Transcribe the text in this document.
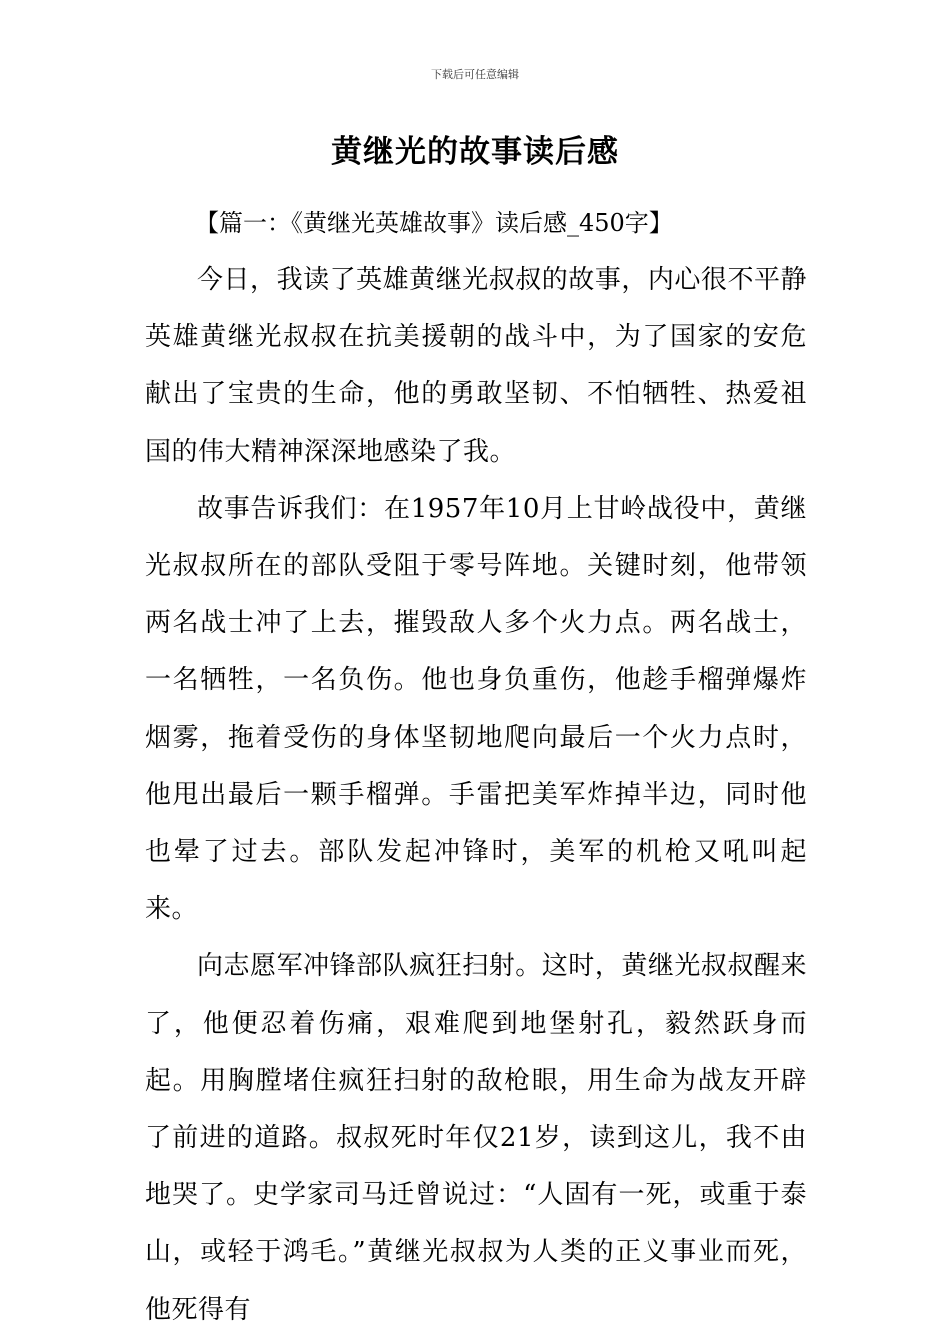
下载后可任意编辑
黄继光的故事读后感
【篇一：《黄继光英雄故事》读后感_450字】

今日，我读了英雄黄继光叔叔的故事，内心很不平静英雄黄继光叔叔在抗美援朝的战斗中，为了国家的安危献出了宝贵的生命，他的勇敢坚韧、不怕牺牲、热爱祖国的伟大精神深深地感染了我。

故事告诉我们：在1957年10月上甘岭战役中，黄继光叔叔所在的部队受阻于零号阵地。关键时刻，他带领两名战士冲了上去，摧毁敌人多个火力点。两名战士，一名牺牲，一名负伤。他也身负重伤，他趁手榴弹爆炸烟雾，拖着受伤的身体坚韧地爬向最后一个火力点时，他甩出最后一颗手榴弹。手雷把美军炸掉半边，同时他也晕了过去。部队发起冲锋时，美军的机枪又吼叫起来。

向志愿军冲锋部队疯狂扫射。这时，黄继光叔叔醒来了，他便忍着伤痛，艰难爬到地堡射孔，毅然跃身而起。用胸膛堵住疯狂扫射的敌枪眼，用生命为战友开辟了前进的道路。叔叔死时年仅21岁，读到这儿，我不由地哭了。史学家司马迁曾说过：“人固有一死，或重于泰山，或轻于鸿毛。”黄继光叔叔为人类的正义事业而死，他死得有
